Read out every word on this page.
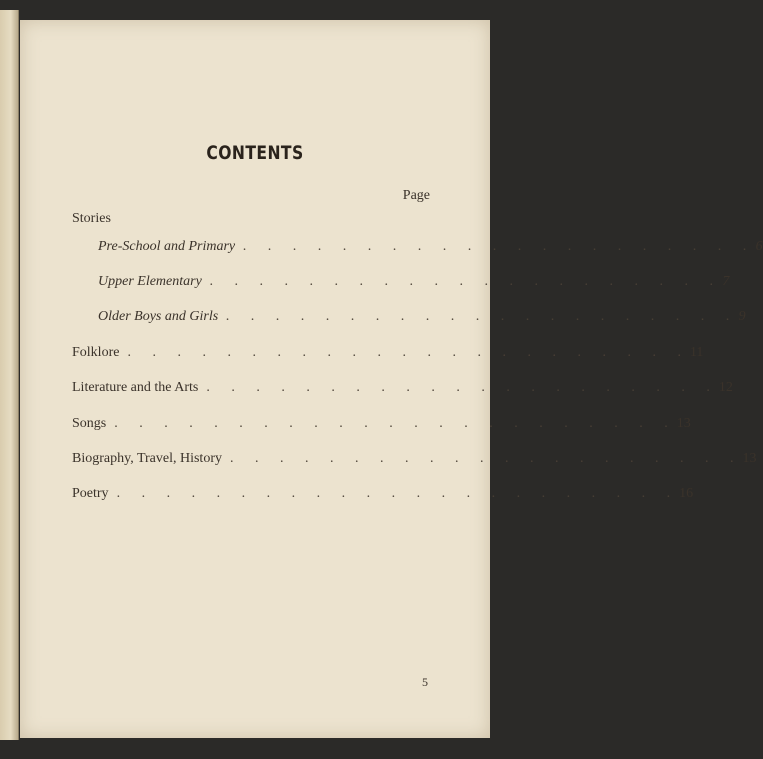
CONTENTS
Page
Stories
Pre-School and Primary . . . . . . . . . . . . . . . . . . . . . 6
Upper Elementary . . . . . . . . . . . . . . . . . . . . . 7
Older Boys and Girls . . . . . . . . . . . . . . . . . . . . . 9
Folklore . . . . . . . . . . . . . . . . . . . . . . . 11
Literature and the Arts . . . . . . . . . . . . . . . . . . . . . 12
Songs . . . . . . . . . . . . . . . . . . . . . . . 13
Biography, Travel, History . . . . . . . . . . . . . . . . . . . . . 13
Poetry . . . . . . . . . . . . . . . . . . . . . . . 16
5
